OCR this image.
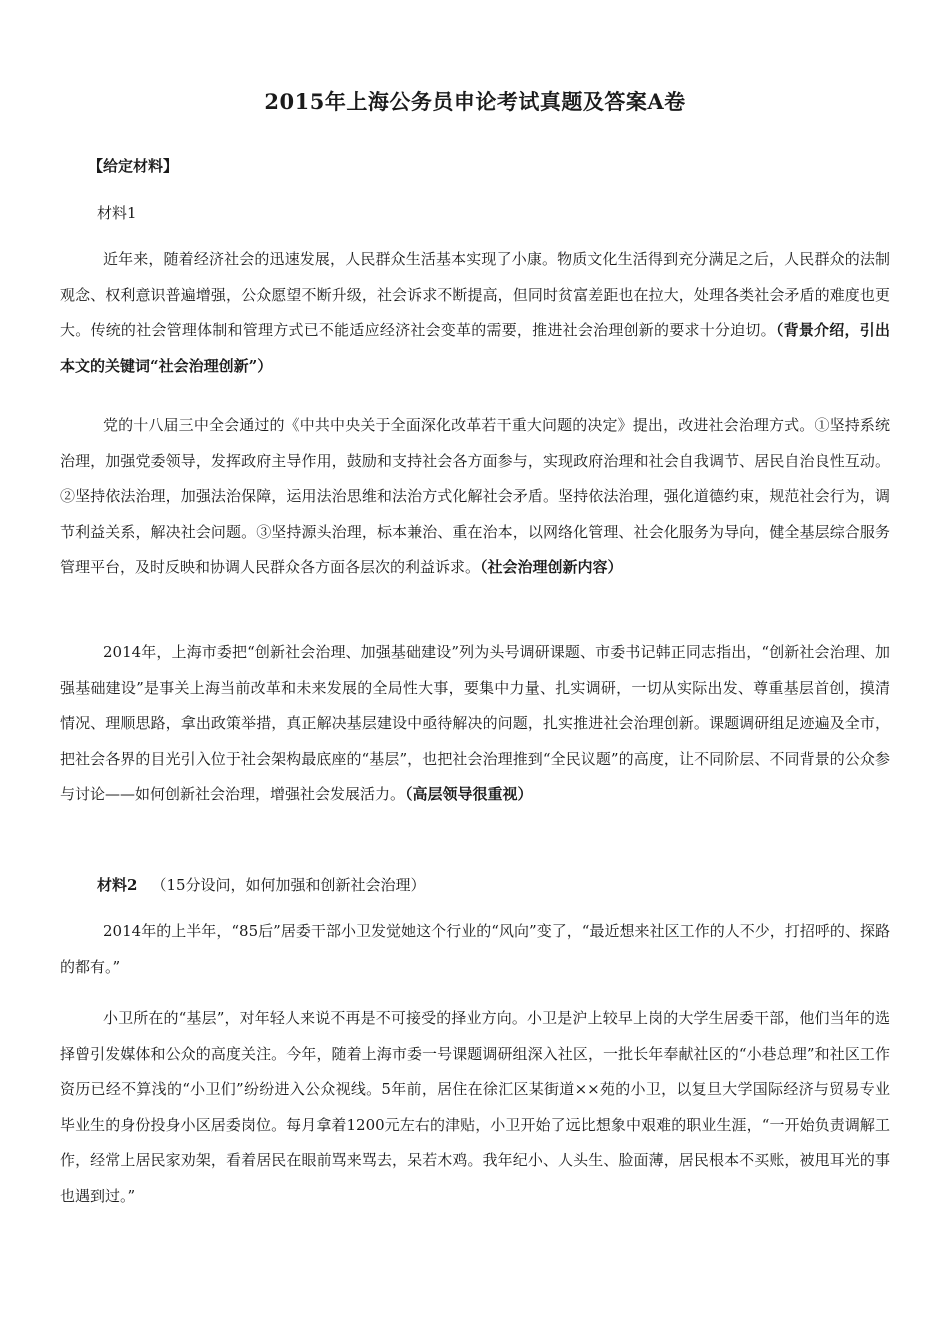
2015年上海公务员申论考试真题及答案A卷
【给定材料】
材料1
近年来，随着经济社会的迅速发展，人民群众生活基本实现了小康。物质文化生活得到充分满足之后，人民群众的法制观念、权利意识普遍增强，公众愿望不断升级，社会诉求不断提高，但同时贫富差距也在拉大，处理各类社会矛盾的难度也更大。传统的社会管理体制和管理方式已不能适应经济社会变革的需要，推进社会治理创新的要求十分迫切。（背景介绍，引出本文的关键词“社会治理创新”）
党的十八届三中全会通过的《中共中央关于全面深化改革若干重大问题的决定》提出，改进社会治理方式。①坚持系统治理，加强党委领导，发挥政府主导作用，鼓励和支持社会各方面参与，实现政府治理和社会自我调节、居民自治良性互动。②坚持依法治理，加强法治保障，运用法治思维和法治方式化解社会矛盾。坚持依法治理，强化道德约束，规范社会行为，调节利益关系，解决社会问题。③坚持源头治理，标本兼治、重在治本，以网络化管理、社会化服务为导向，健全基层综合服务管理平台，及时反映和协调人民群众各方面各层次的利益诉求。（社会治理创新内容）
2014年，上海市委把“创新社会治理、加强基础建设”列为头号调研课题、市委书记韩正同志指出，“创新社会治理、加强基础建设”是事关上海当前改革和未来发展的全局性大事，要集中力量、扎实调研，一切从实际出发、尊重基层首创，摸清情况、理顺思路，拿出政策举措，真正解决基层建设中亟待解决的问题，扎实推进社会治理创新。课题调研组足迹遍及全市，把社会各界的目光引入位于社会架构最底座的“基层”，也把社会治理推到“全民议题”的高度，让不同阶层、不同背景的公众参与讨论——如何创新社会治理，增强社会发展活力。（高层领导很重视）
材料2 （15分设问，如何加强和创新社会治理）
2014年的上半年，“85后”居委干部小卫发觉她这个行业的“风向”变了，“最近想来社区工作的人不少，打招呼的、探路的都有。”
小卫所在的“基层”，对年轻人来说不再是不可接受的择业方向。小卫是沪上较早上岗的大学生居委干部，他们当年的选择曾引发媒体和公众的高度关注。今年，随着上海市委一号课题调研组深入社区，一批长年奉献社区的“小巷总理”和社区工作资历已经不算浅的“小卫们”纷纷进入公众视线。5年前，居住在徐汇区某街道××苑的小卫，以复旦大学国际经济与贸易专业毕业生的身份投身小区居委岗位。每月拿着1200元左右的津贴，小卫开始了远比想象中艰难的职业生涯，“一开始负责调解工作，经常上居民家劝架，看着居民在眼前骂来骂去，呆若木鸡。我年纪小、人头生、脸面薄，居民根本不买账，被甩耳光的事也遇到过。”
